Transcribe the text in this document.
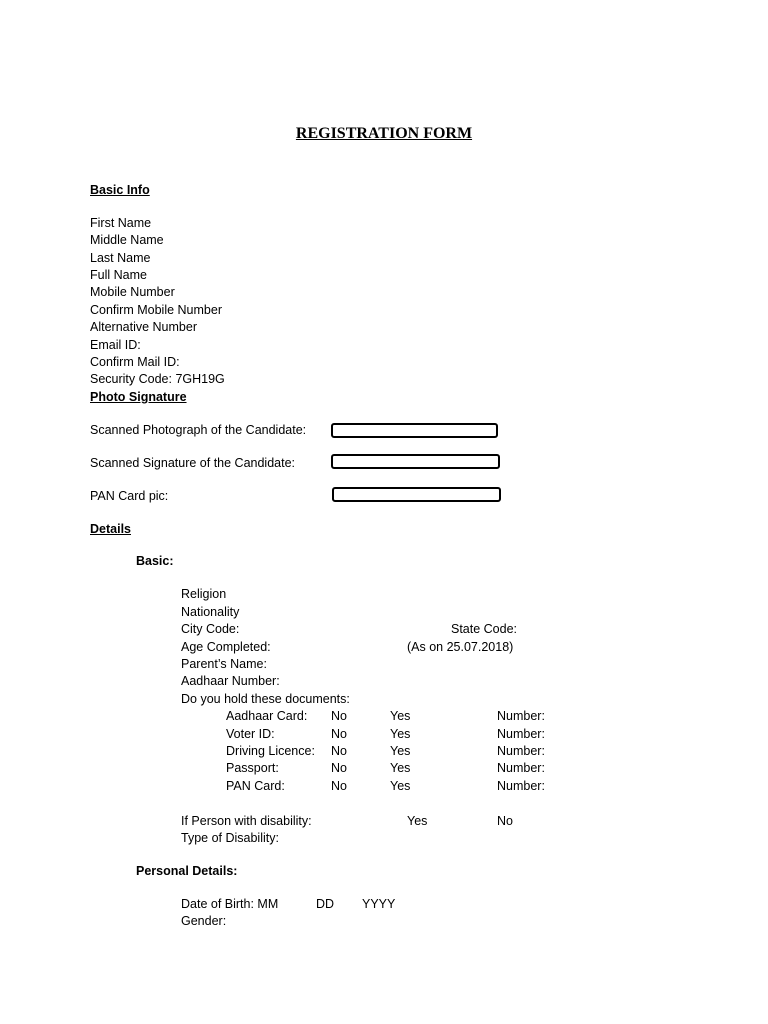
REGISTRATION FORM
Basic Info
First Name
Middle Name
Last Name
Full Name
Mobile Number
Confirm Mobile Number
Alternative Number
Email ID:
Confirm Mail ID:
Security Code: 7GH19G
Photo Signature
Scanned Photograph of the Candidate:
Scanned Signature of the Candidate:
PAN Card pic:
Details
Basic:
Religion
Nationality
City Code:	State Code:
Age Completed:	(As on 25.07.2018)
Parent’s Name:
Aadhaar Number:
Do you hold these documents:
Aadhaar Card: No	Yes	Number:
Voter ID:	No	Yes	Number:
Driving Licence: No	Yes	Number:
Passport:	No	Yes	Number:
PAN Card:	No	Yes	Number:
If Person with disability:	Yes	No
Type of Disability:
Personal Details:
Date of Birth: MM	DD YYYY
Gender:
